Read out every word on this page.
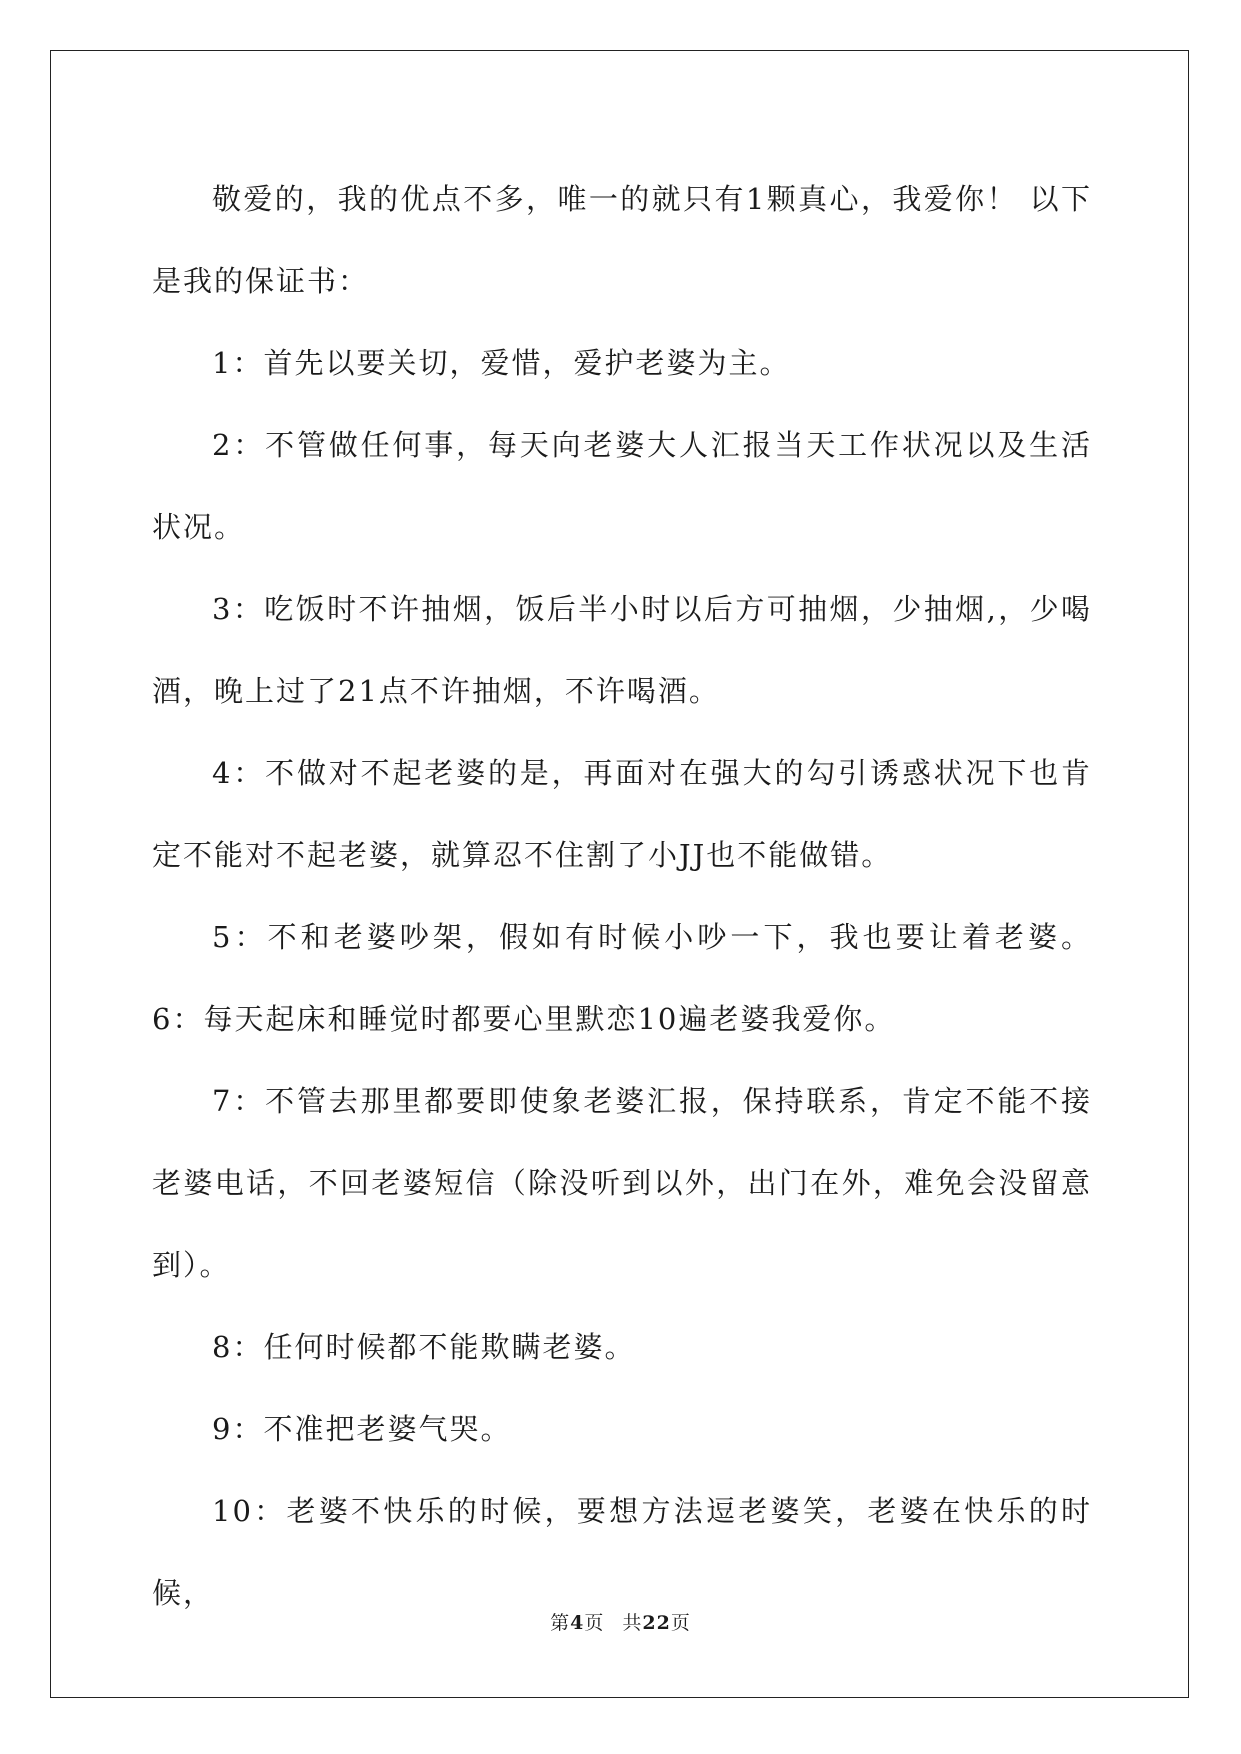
敬爱的，我的优点不多，唯一的就只有1颗真心，我爱你！ 以下是我的保证书：

1：首先以要关切，爱惜，爱护老婆为主。

2：不管做任何事，每天向老婆大人汇报当天工作状况以及生活状况。

3：吃饭时不许抽烟，饭后半小时以后方可抽烟，少抽烟,，少喝酒，晚上过了21点不许抽烟，不许喝酒。

4：不做对不起老婆的是，再面对在强大的勾引诱惑状况下也肯定不能对不起老婆，就算忍不住割了小JJ也不能做错。

5：不和老婆吵架，假如有时候小吵一下，我也要让着老婆。 6：每天起床和睡觉时都要心里默恋10遍老婆我爱你。

7：不管去那里都要即使象老婆汇报，保持联系，肯定不能不接老婆电话，不回老婆短信（除没听到以外，出门在外，难免会没留意到）。

8：任何时候都不能欺瞒老婆。

9：不准把老婆气哭。

10：老婆不快乐的时候，要想方法逗老婆笑，老婆在快乐的时候，

第4页 共22页
